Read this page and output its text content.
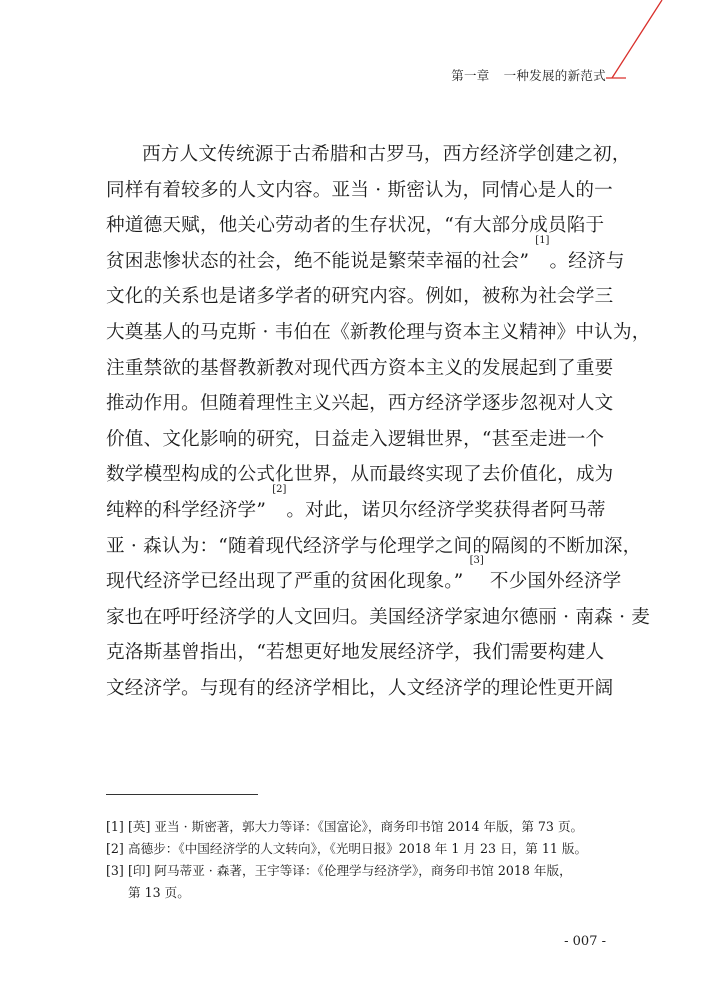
第一章 一种发展的新范式
西方人文传统源于古希腊和古罗马，西方经济学创建之初，
同样有着较多的人文内容。亚当 · 斯密认为，同情心是人的一
种道德天赋，他关心劳动者的生存状况，“有大部分成员陷于
贫困悲惨状态的社会，绝不能说是繁荣幸福的社会” [1]。经济与
文化的关系也是诸多学者的研究内容。例如，被称为社会学三
大奠基人的马克斯 · 韦伯在《新教伦理与资本主义精神》中认为，
注重禁欲的基督教新教对现代西方资本主义的发展起到了重要
推动作用。但随着理性主义兴起，西方经济学逐步忽视对人文
价值、文化影响的研究，日益走入逻辑世界，“甚至走进一个
数学模型构成的公式化世界，从而最终实现了去价值化，成为
纯粹的科学经济学” [2]。对此，诺贝尔经济学奖获得者阿马蒂
亚 · 森认为：“随着现代经济学与伦理学之间的隔阂的不断加深，
现代经济学已经出现了严重的贫困化现象。” [3] 不少国外经济学
家也在呼吁经济学的人文回归。美国经济学家迪尔德丽 · 南森 · 麦
克洛斯基曾指出，“若想更好地发展经济学，我们需要构建人
文经济学。与现有的经济学相比，人文经济学的理论性更开阔
[1] [英] 亚当 · 斯密著，郭大力等译：《国富论》，商务印书馆 2014 年版，第 73 页。
[2] 高德步：《中国经济学的人文转向》，《光明日报》2018 年 1 月 23 日，第 11 版。
[3] [印] 阿马蒂亚 · 森著，王宇等译：《伦理学与经济学》，商务印书馆 2018 年版，
第 13 页。
- 007 -
